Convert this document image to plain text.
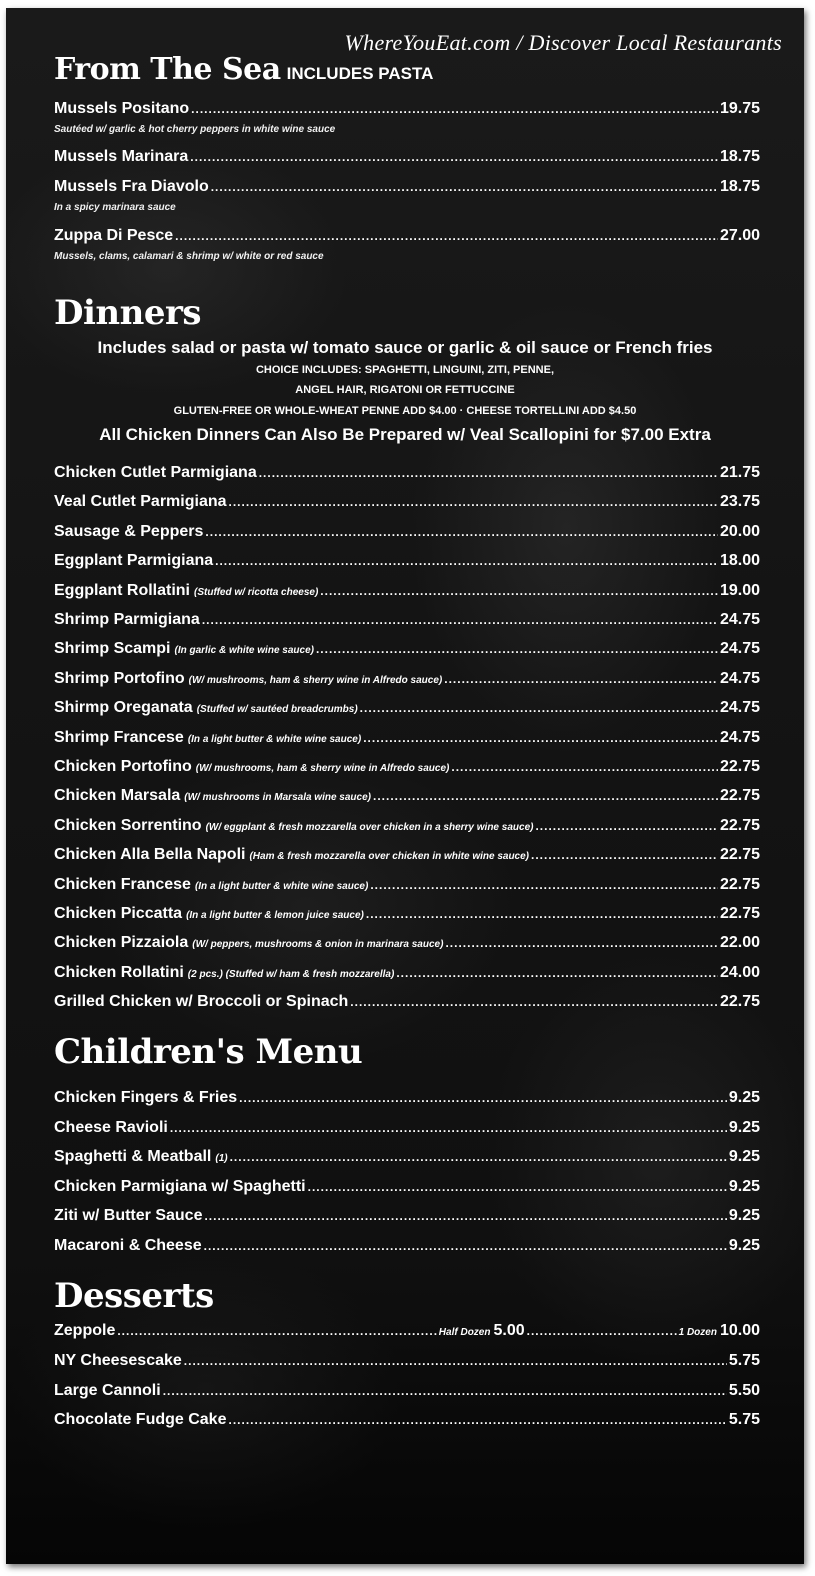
WhereYouEat.com / Discover Local Restaurants
From The Sea INCLUDES PASTA
Mussels Positano .....	19.75
Sautéed w/ garlic & hot cherry peppers in white wine sauce
Mussels Marinara .....	18.75
Mussels Fra Diavolo .....	18.75
In a spicy marinara sauce
Zuppa Di Pesce .....	27.00
Mussels, clams, calamari & shrimp w/ white or red sauce
Dinners
Includes salad or pasta w/ tomato sauce or garlic & oil sauce or French fries
CHOICE INCLUDES: SPAGHETTI, LINGUINI, ZITI, PENNE,
ANGEL HAIR, RIGATONI OR FETTUCCINE
GLUTEN-FREE OR WHOLE-WHEAT PENNE ADD $4.00 · CHEESE TORTELLINI ADD $4.50
All Chicken Dinners Can Also Be Prepared w/ Veal Scallopini for $7.00 Extra
Chicken Cutlet Parmigiana .....	21.75
Veal Cutlet Parmigiana .....	23.75
Sausage & Peppers .....	20.00
Eggplant Parmigiana .....	18.00
Eggplant Rollatini (Stuffed w/ ricotta cheese) .....	19.00
Shrimp Parmigiana .....	24.75
Shrimp Scampi (In garlic & white wine sauce) .....	24.75
Shrimp Portofino (W/ mushrooms, ham & sherry wine in Alfredo sauce) .....	24.75
Shirmp Oreganata (Stuffed w/ sautéed breadcrumbs) .....	24.75
Shrimp Francese (In a light butter & white wine sauce) .....	24.75
Chicken Portofino (W/ mushrooms, ham & sherry wine in Alfredo sauce) .....	22.75
Chicken Marsala (W/ mushrooms in Marsala wine sauce) .....	22.75
Chicken Sorrentino (W/ eggplant & fresh mozzarella over chicken in a sherry wine sauce) .....	22.75
Chicken Alla Bella Napoli (Ham & fresh mozzarella over chicken in white wine sauce) .....	22.75
Chicken Francese (In a light butter & white wine sauce) .....	22.75
Chicken Piccatta (In a light butter & lemon juice sauce) .....	22.75
Chicken Pizzaiola (W/ peppers, mushrooms & onion in marinara sauce) .....	22.00
Chicken Rollatini (2 pcs.) (Stuffed w/ ham & fresh mozzarella) .....	24.00
Grilled Chicken w/ Broccoli or Spinach .....	22.75
Children's Menu
Chicken Fingers & Fries .....	9.25
Cheese Ravioli .....	9.25
Spaghetti & Meatball (1) .....	9.25
Chicken Parmigiana w/ Spaghetti .....	9.25
Ziti w/ Butter Sauce .....	9.25
Macaroni & Cheese .....	9.25
Desserts
Zeppole .....	Half Dozen 5.00 .....	1 Dozen 10.00
NY Cheesescake .....	5.75
Large Cannoli .....	5.50
Chocolate Fudge Cake .....	5.75
